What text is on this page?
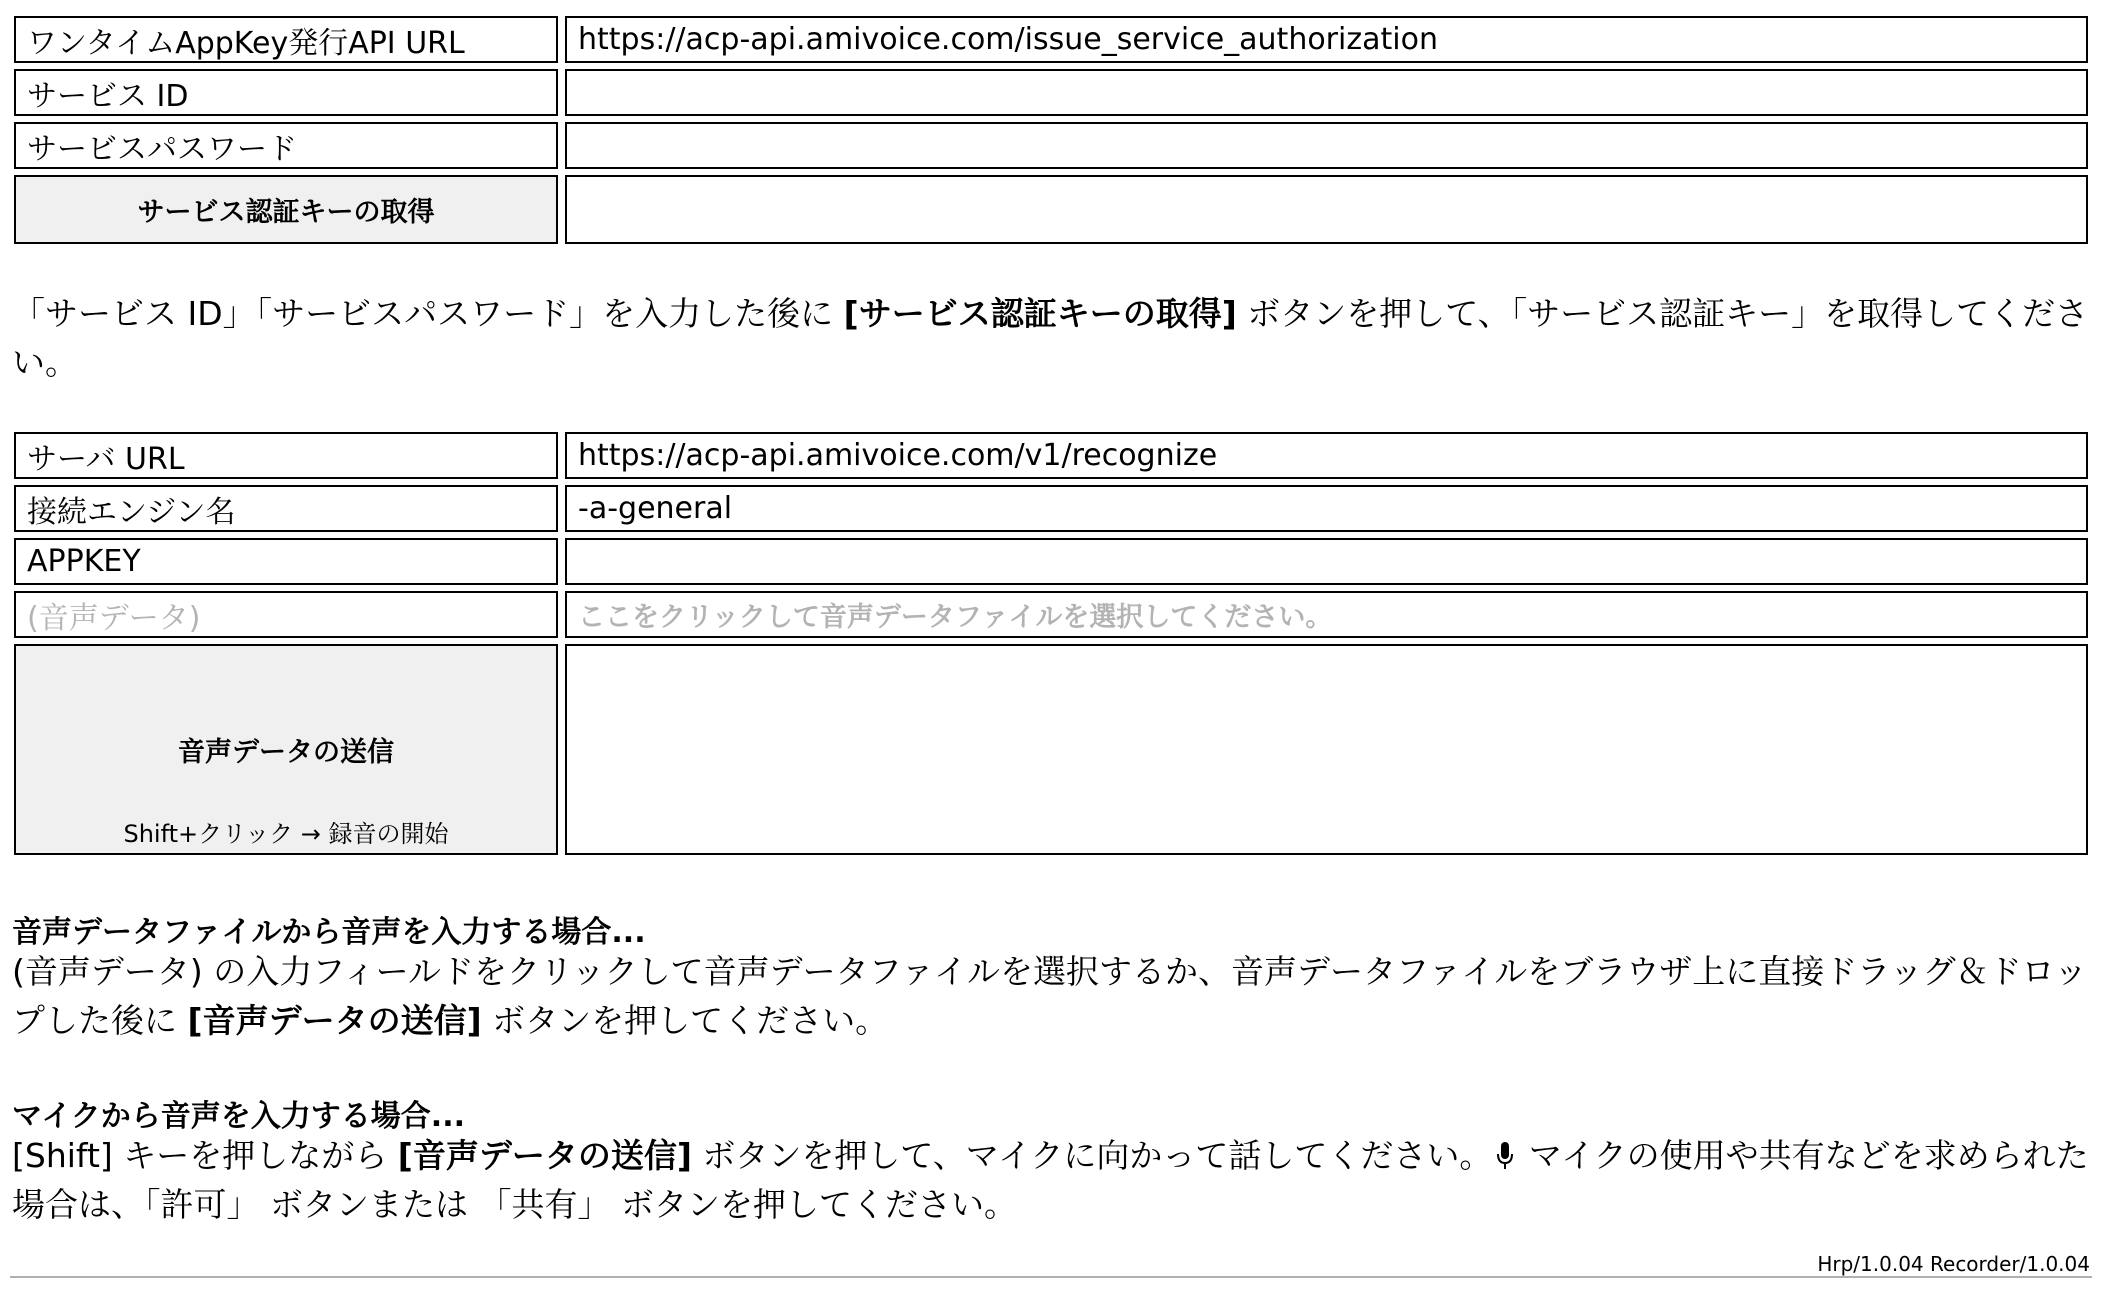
ワンタイムAppKey発行API URL	https://acp-api.amivoice.com/issue_service_authorization
サービス ID
サービスパスワード
サービス認証キーの取得
「サービス ID」「サービスパスワード」を入力した後に [サービス認証キーの取得] ボタンを押して、「サービス認証キー」を取得してください。
サーバ URL	https://acp-api.amivoice.com/v1/recognize
接続エンジン名	-a-general
APPKEY
(音声データ)	ここをクリックして音声データファイルを選択してください。
音声データの送信
Shift+クリック → 録音の開始
音声データファイルから音声を入力する場合...
(音声データ) の入力フィールドをクリックして音声データファイルを選択するか、音声データファイルをブラウザ上に直接ドラッグ＆ドロップした後に [音声データの送信] ボタンを押してください。
マイクから音声を入力する場合...
[Shift] キーを押しながら [音声データの送信] ボタンを押して、マイクに向かって話してください。 マイクの使用や共有などを求められた場合は、「許可」 ボタンまたは 「共有」 ボタンを押してください。
Hrp/1.0.04 Recorder/1.0.04
